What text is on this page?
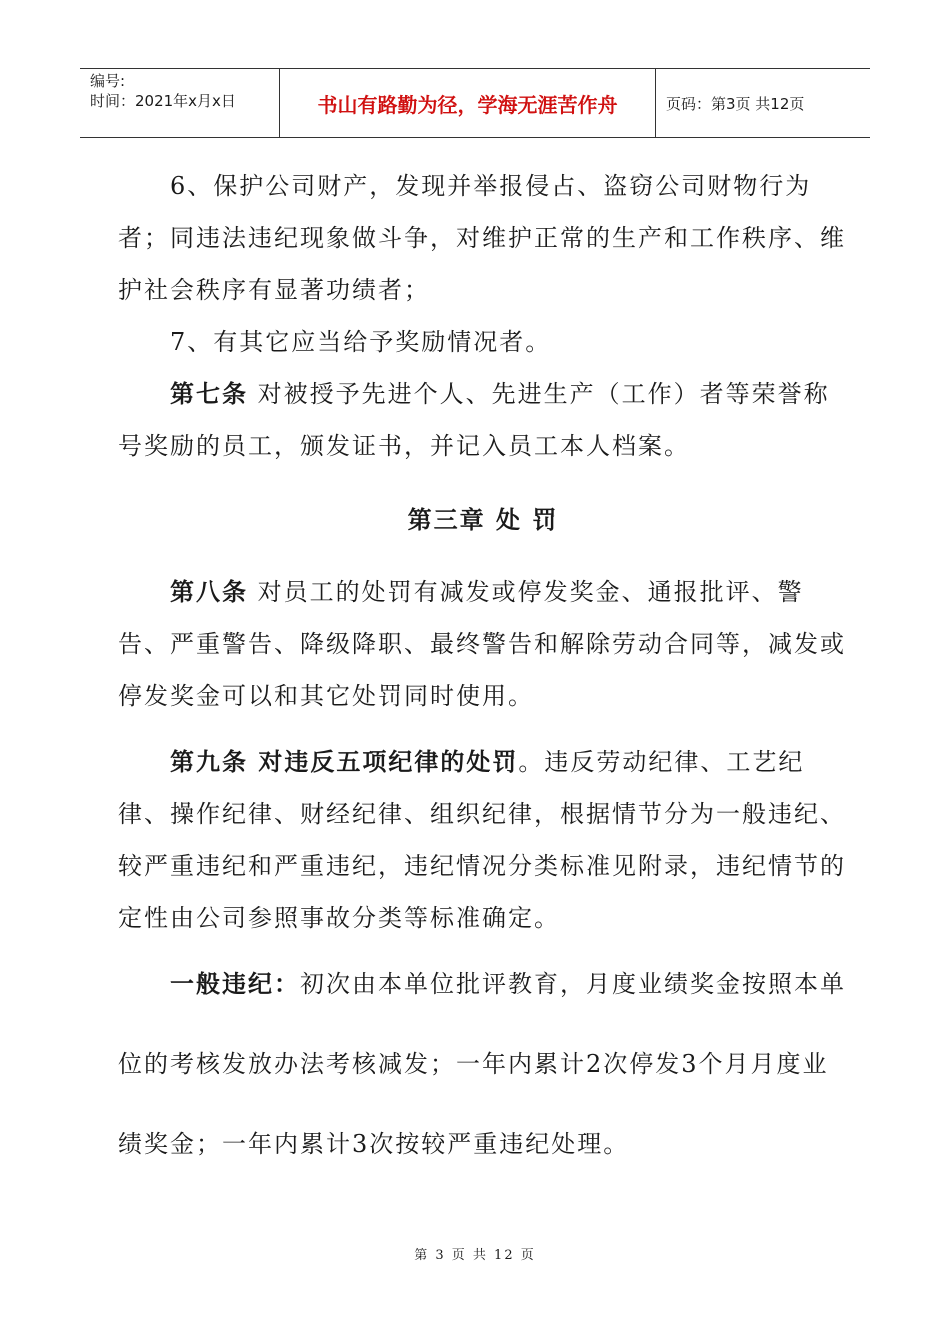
编号:
时间：2021年x月x日	书山有路勤为径，学海无涯苦作舟	页码：第3页 共12页

6、保护公司财产，发现并举报侵占、盗窃公司财物行为者；同违法违纪现象做斗争，对维护正常的生产和工作秩序、维护社会秩序有显著功绩者；

7、有其它应当给予奖励情况者。

第七条 对被授予先进个人、先进生产（工作）者等荣誉称号奖励的员工，颁发证书，并记入员工本人档案。

第三章 处 罚

第八条 对员工的处罚有减发或停发奖金、通报批评、警告、严重警告、降级降职、最终警告和解除劳动合同等，减发或停发奖金可以和其它处罚同时使用。

第九条 对违反五项纪律的处罚。违反劳动纪律、工艺纪律、操作纪律、财经纪律、组织纪律，根据情节分为一般违纪、较严重违纪和严重违纪，违纪情况分类标准见附录，违纪情节的定性由公司参照事故分类等标准确定。

一般违纪：初次由本单位批评教育，月度业绩奖金按照本单位的考核发放办法考核减发；一年内累计2次停发3个月月度业绩奖金；一年内累计3次按较严重违纪处理。

第 3 页 共 12 页
